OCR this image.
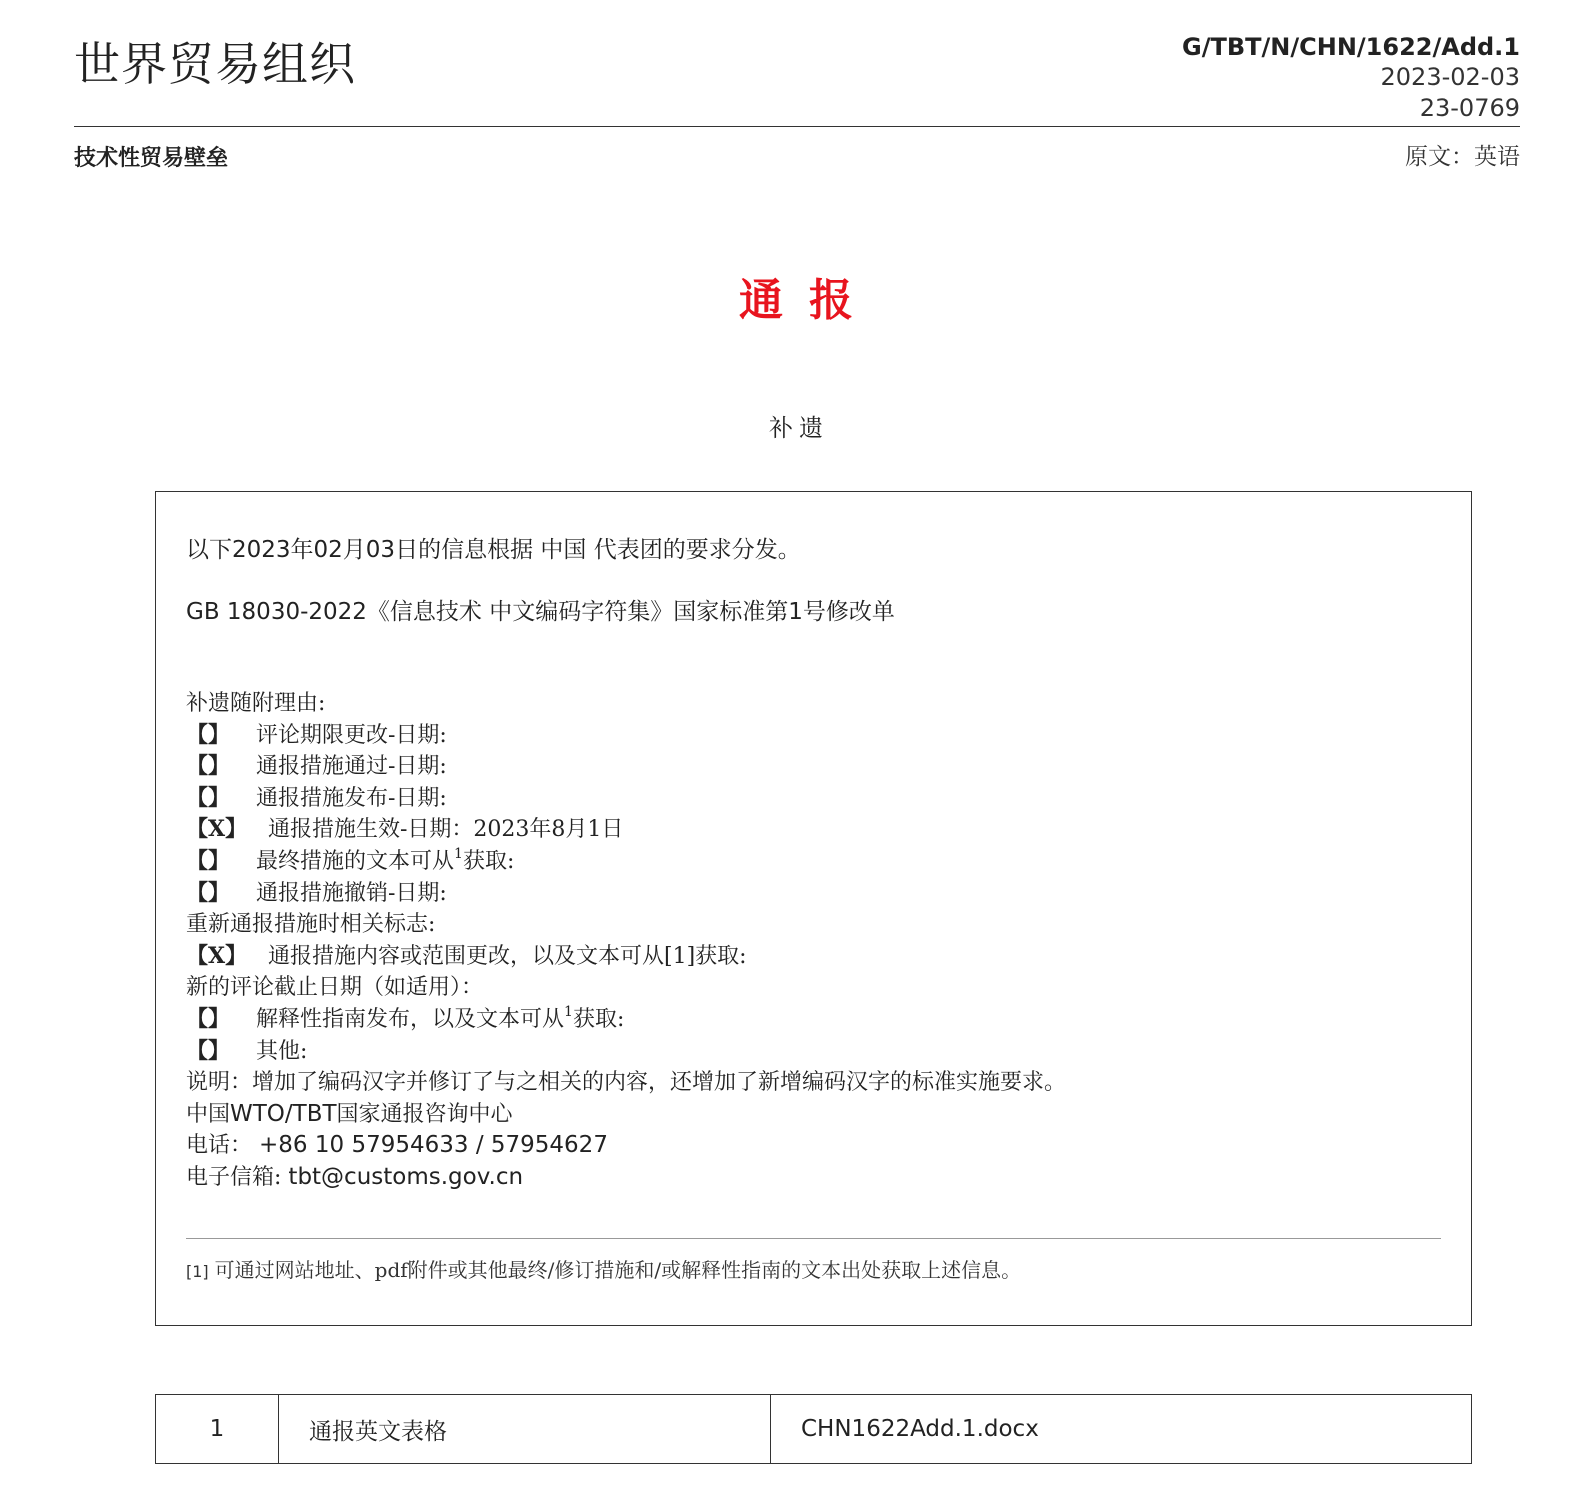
世界贸易组织	G/TBT/N/CHN/1622/Add.1
2023-02-03
23-0769
技术性贸易壁垒	原文：英语
通报
补遗
以下2023年02月03日的信息根据 中国 代表团的要求分发。
GB 18030-2022《信息技术 中文编码字符集》国家标准第1号修改单
补遗随附理由:
【】 评论期限更改-日期:
【】 通报措施通过-日期:
【】 通报措施发布-日期:
【X】 通报措施生效-日期：2023年8月1日
【】 最终措施的文本可从$^1$获取:
【】 通报措施撤销-日期:
重新通报措施时相关标志:
【X】 通报措施内容或范围更改，以及文本可从[1]获取:
新的评论截止日期（如适用）：
【】 解释性指南发布，以及文本可从$^1$获取:
【】 其他:
说明：增加了编码汉字并修订了与之相关的内容，还增加了新增编码汉字的标准实施要求。
中国WTO/TBT国家通报咨询中心
电话： +86 10 57954633 / 57954627
电子信箱: tbt@customs.gov.cn
[1] 可通过网站地址、pdf附件或其他最终/修订措施和/或解释性指南的文本出处获取上述信息。
1	通报英文表格	CHN1622Add.1.docx
